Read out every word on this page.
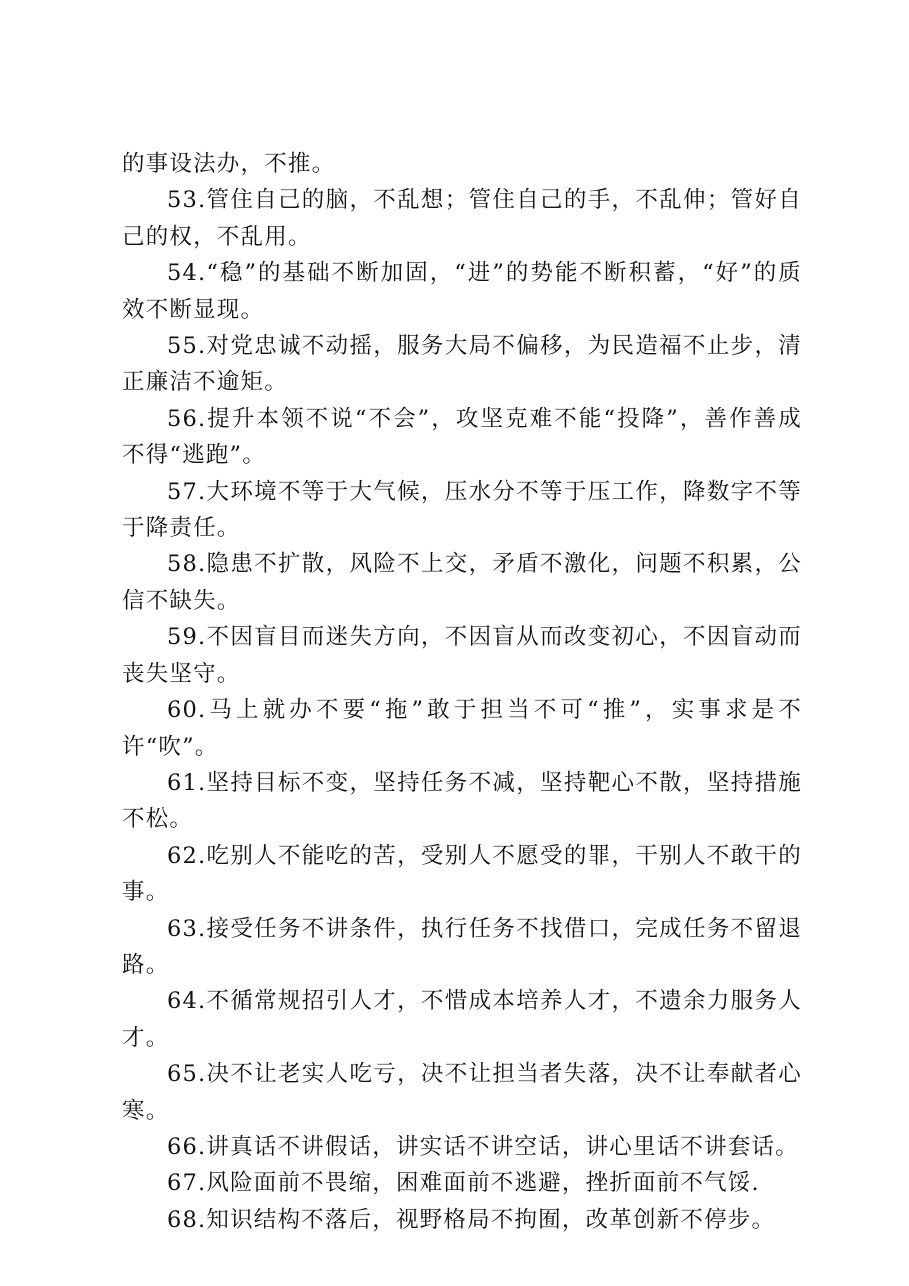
的事设法办，不推。

53.管住自己的脑，不乱想；管住自己的手，不乱伸；管好自己的权，不乱用。

54.“稳”的基础不断加固，“进”的势能不断积蓄，“好”的质效不断显现。

55.对党忠诚不动摇，服务大局不偏移，为民造福不止步，清正廉洁不逾矩。

56.提升本领不说“不会”，攻坚克难不能“投降”，善作善成不得“逃跑”。

57.大环境不等于大气候，压水分不等于压工作，降数字不等于降责任。

58.隐患不扩散，风险不上交，矛盾不激化，问题不积累，公信不缺失。

59.不因盲目而迷失方向，不因盲从而改变初心，不因盲动而丧失坚守。

60.马上就办不要“拖”敢于担当不可“推”，实事求是不许“吹”。

61.坚持目标不变，坚持任务不减，坚持靶心不散，坚持措施不松。

62.吃别人不能吃的苦，受别人不愿受的罪，干别人不敢干的事。

63.接受任务不讲条件，执行任务不找借口，完成任务不留退路。

64.不循常规招引人才，不惜成本培养人才，不遗余力服务人才。

65.决不让老实人吃亏，决不让担当者失落，决不让奉献者心寒。

66.讲真话不讲假话，讲实话不讲空话，讲心里话不讲套话。

67.风险面前不畏缩，困难面前不逃避，挫折面前不气馁.

68.知识结构不落后，视野格局不拘囿，改革创新不停步。
